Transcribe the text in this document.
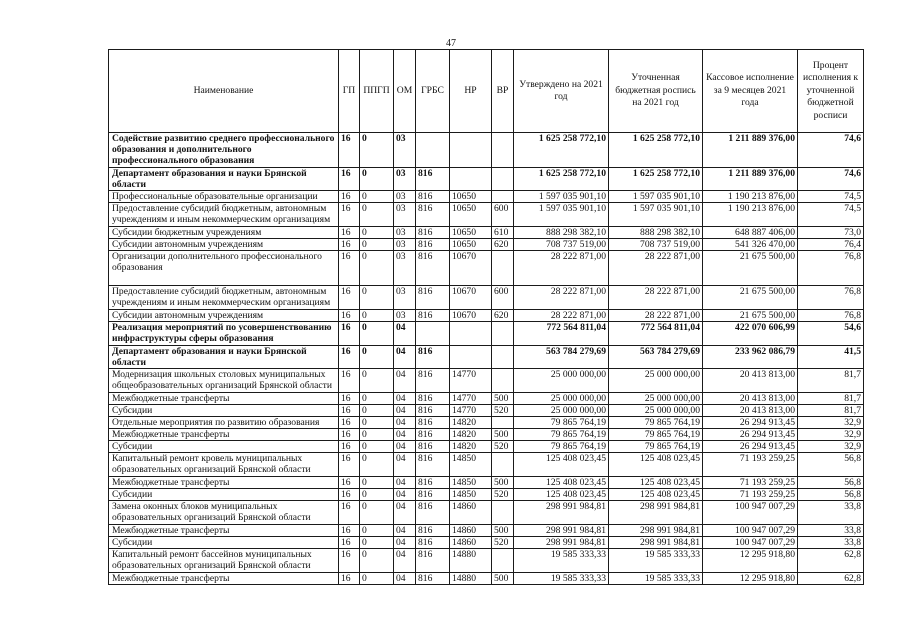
47
Наименование	ГП	ППГП	ОМ	ГРБС	НР	ВР	Утверждено на 2021 год	Уточненная бюджетная роспись на 2021 год	Кассовое исполнение за 9 месяцев 2021 года	Процент исполнения к уточненной бюджетной росписи
Содействие развитию среднего профессионального образования и дополнительного профессионального образования	16	0	03				1 625 258 772,10	1 625 258 772,10	1 211 889 376,00	74,6
Департамент образования и науки Брянской области	16	0	03	816			1 625 258 772,10	1 625 258 772,10	1 211 889 376,00	74,6
Профессиональные образовательные организации	16	0	03	816	10650		1 597 035 901,10	1 597 035 901,10	1 190 213 876,00	74,5
Предоставление субсидий бюджетным, автономным учреждениям и иным некоммерческим организациям	16	0	03	816	10650	600	1 597 035 901,10	1 597 035 901,10	1 190 213 876,00	74,5
Субсидии бюджетным учреждениям	16	0	03	816	10650	610	888 298 382,10	888 298 382,10	648 887 406,00	73,0
Субсидии автономным учреждениям	16	0	03	816	10650	620	708 737 519,00	708 737 519,00	541 326 470,00	76,4
Организации дополнительного профессионального образования	16	0	03	816	10670		28 222 871,00	28 222 871,00	21 675 500,00	76,8
Предоставление субсидий бюджетным, автономным учреждениям и иным некоммерческим организациям	16	0	03	816	10670	600	28 222 871,00	28 222 871,00	21 675 500,00	76,8
Субсидии автономным учреждениям	16	0	03	816	10670	620	28 222 871,00	28 222 871,00	21 675 500,00	76,8
Реализация мероприятий по усовершенствованию инфраструктуры сферы образования	16	0	04				772 564 811,04	772 564 811,04	422 070 606,99	54,6
Департамент образования и науки Брянской области	16	0	04	816			563 784 279,69	563 784 279,69	233 962 086,79	41,5
Модернизация школьных столовых муниципальных общеобразовательных организаций Брянской области	16	0	04	816	14770		25 000 000,00	25 000 000,00	20 413 813,00	81,7
Межбюджетные трансферты	16	0	04	816	14770	500	25 000 000,00	25 000 000,00	20 413 813,00	81,7
Субсидии	16	0	04	816	14770	520	25 000 000,00	25 000 000,00	20 413 813,00	81,7
Отдельные мероприятия по развитию образования	16	0	04	816	14820		79 865 764,19	79 865 764,19	26 294 913,45	32,9
Межбюджетные трансферты	16	0	04	816	14820	500	79 865 764,19	79 865 764,19	26 294 913,45	32,9
Субсидии	16	0	04	816	14820	520	79 865 764,19	79 865 764,19	26 294 913,45	32,9
Капитальный ремонт кровель муниципальных образовательных организаций Брянской области	16	0	04	816	14850		125 408 023,45	125 408 023,45	71 193 259,25	56,8
Межбюджетные трансферты	16	0	04	816	14850	500	125 408 023,45	125 408 023,45	71 193 259,25	56,8
Субсидии	16	0	04	816	14850	520	125 408 023,45	125 408 023,45	71 193 259,25	56,8
Замена оконных блоков муниципальных образовательных организаций Брянской области	16	0	04	816	14860		298 991 984,81	298 991 984,81	100 947 007,29	33,8
Межбюджетные трансферты	16	0	04	816	14860	500	298 991 984,81	298 991 984,81	100 947 007,29	33,8
Субсидии	16	0	04	816	14860	520	298 991 984,81	298 991 984,81	100 947 007,29	33,8
Капитальный ремонт бассейнов муниципальных образовательных организаций Брянской области	16	0	04	816	14880		19 585 333,33	19 585 333,33	12 295 918,80	62,8
Межбюджетные трансферты	16	0	04	816	14880	500	19 585 333,33	19 585 333,33	12 295 918,80	62,8
